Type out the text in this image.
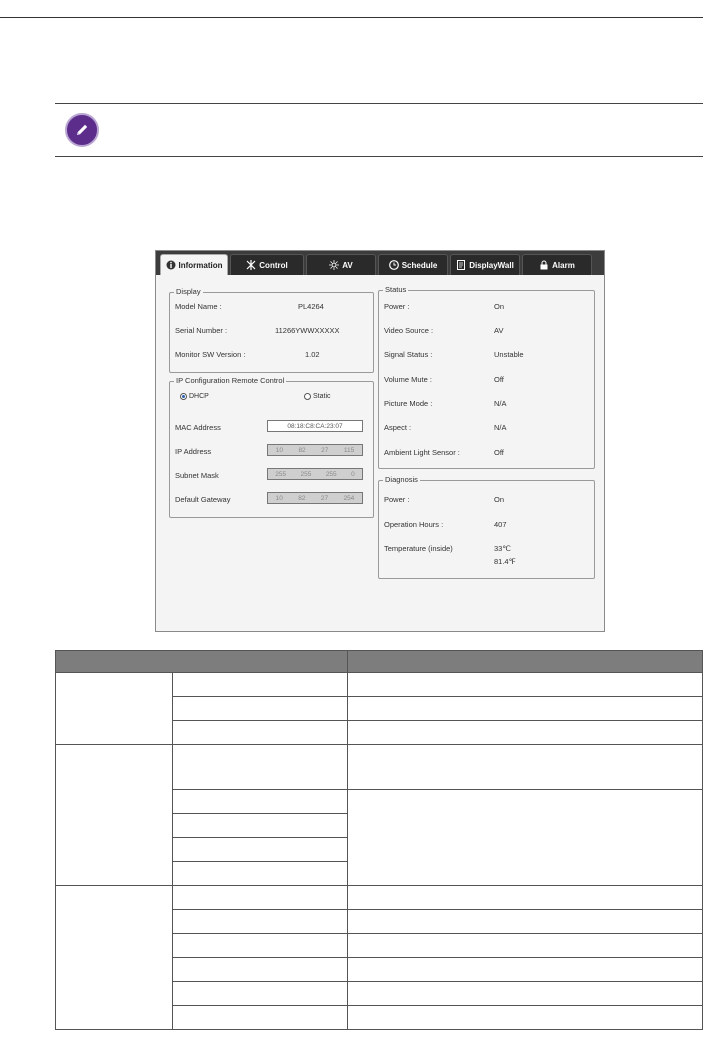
Information	Control	AV	Schedule	DisplayWall	Alarm
Display
Model Name :	PL4264
Serial Number :	11266YWWXXXXX
Monitor SW Version :	1.02
IP Configuration Remote Control
DHCP	Static
MAC Address	08:18:C8:CA:23:07
IP Address	10 82 27 115
Subnet Mask	255 255 255 0
Default Gateway	10 82 27 254
Status
Power :	On
Video Source :	AV
Signal Status :	Unstable
Volume Mute :	Off
Picture Mode :	N/A
Aspect :	N/A
Ambient Light Sensor :	Off
Diagnosis
Power :	On
Operation Hours :	407
Temperature (inside)	33℃
81.4℉
